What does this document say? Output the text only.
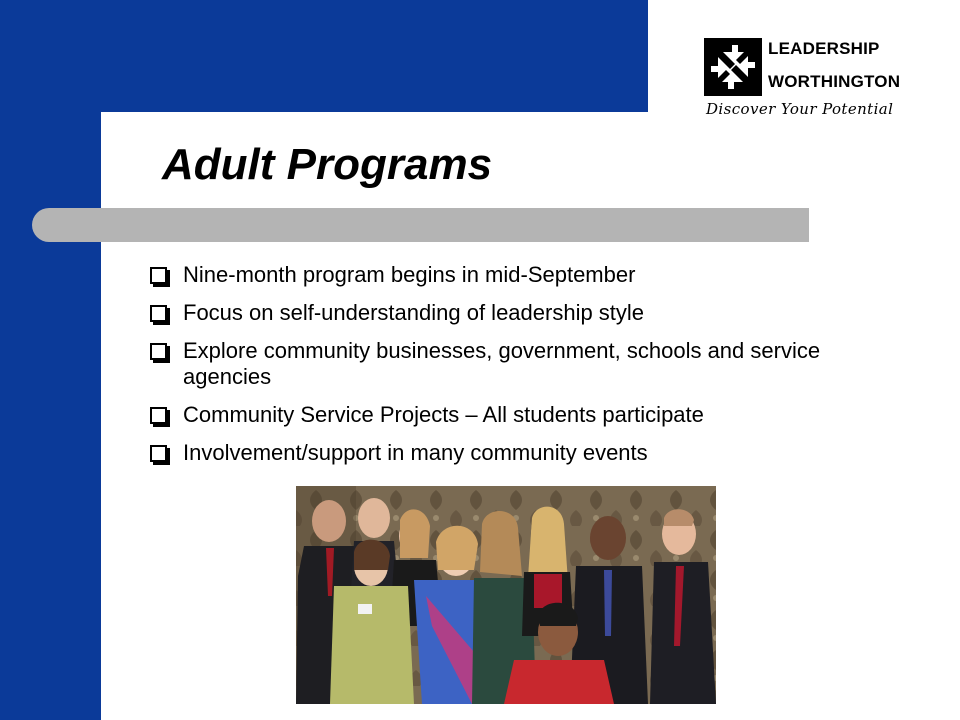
LEADERSHIP
WORTHINGTON
Discover Your Potential
Adult Programs
Nine-month program begins in mid-September
Focus on self-understanding of leadership style
Explore community businesses, government, schools and service agencies
Community Service Projects – All students participate
Involvement/support in many community events
